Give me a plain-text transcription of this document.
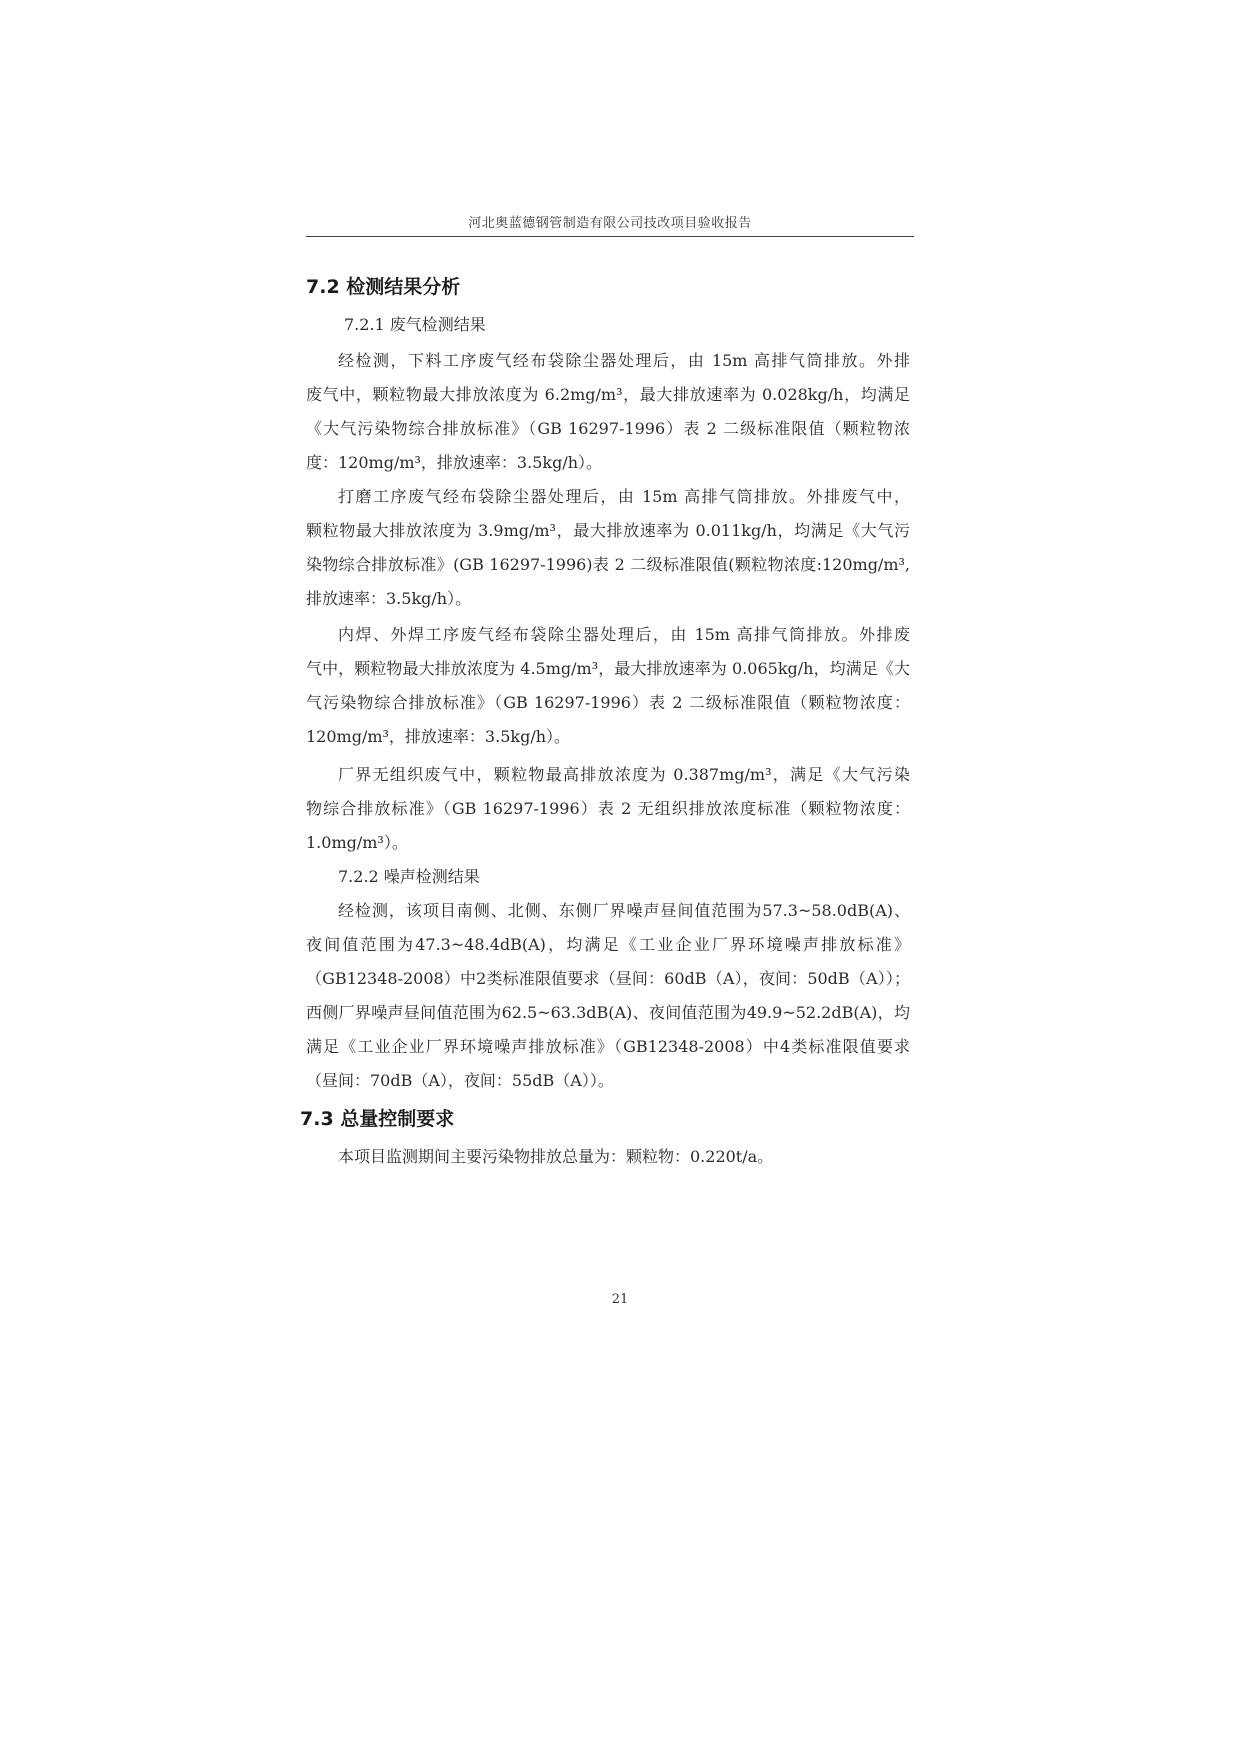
河北奥蓝德钢管制造有限公司技改项目验收报告
7.2 检测结果分析
7.2.1 废气检测结果
经检测，下料工序废气经布袋除尘器处理后，由 15m 高排气筒排放。外排
废气中，颗粒物最大排放浓度为 6.2mg/m³，最大排放速率为 0.028kg/h，均满足
《大气污染物综合排放标准》（GB 16297-1996）表 2 二级标准限值（颗粒物浓
度：120mg/m³，排放速率：3.5kg/h）。
打磨工序废气经布袋除尘器处理后，由 15m 高排气筒排放。外排废气中，
颗粒物最大排放浓度为 3.9mg/m³，最大排放速率为 0.011kg/h，均满足《大气污
染物综合排放标准》(GB 16297-1996)表 2 二级标准限值(颗粒物浓度:120mg/m³,
排放速率：3.5kg/h）。
内焊、外焊工序废气经布袋除尘器处理后，由 15m 高排气筒排放。外排废
气中，颗粒物最大排放浓度为 4.5mg/m³，最大排放速率为 0.065kg/h，均满足《大
气污染物综合排放标准》（GB 16297-1996）表 2 二级标准限值（颗粒物浓度：
120mg/m³，排放速率：3.5kg/h）。
厂界无组织废气中，颗粒物最高排放浓度为 0.387mg/m³，满足《大气污染
物综合排放标准》（GB 16297-1996）表 2 无组织排放浓度标准（颗粒物浓度：
1.0mg/m³）。
7.2.2 噪声检测结果
经检测，该项目南侧、北侧、东侧厂界噪声昼间值范围为57.3~58.0dB(A)、
夜间值范围为47.3~48.4dB(A)，均满足《工业企业厂界环境噪声排放标准》
（GB12348-2008）中2类标准限值要求（昼间：60dB（A），夜间：50dB（A））；
西侧厂界噪声昼间值范围为62.5~63.3dB(A)、夜间值范围为49.9~52.2dB(A)，均
满足《工业企业厂界环境噪声排放标准》（GB12348-2008）中4类标准限值要求
（昼间：70dB（A），夜间：55dB（A））。
7.3 总量控制要求
本项目监测期间主要污染物排放总量为：颗粒物：0.220t/a。
21
